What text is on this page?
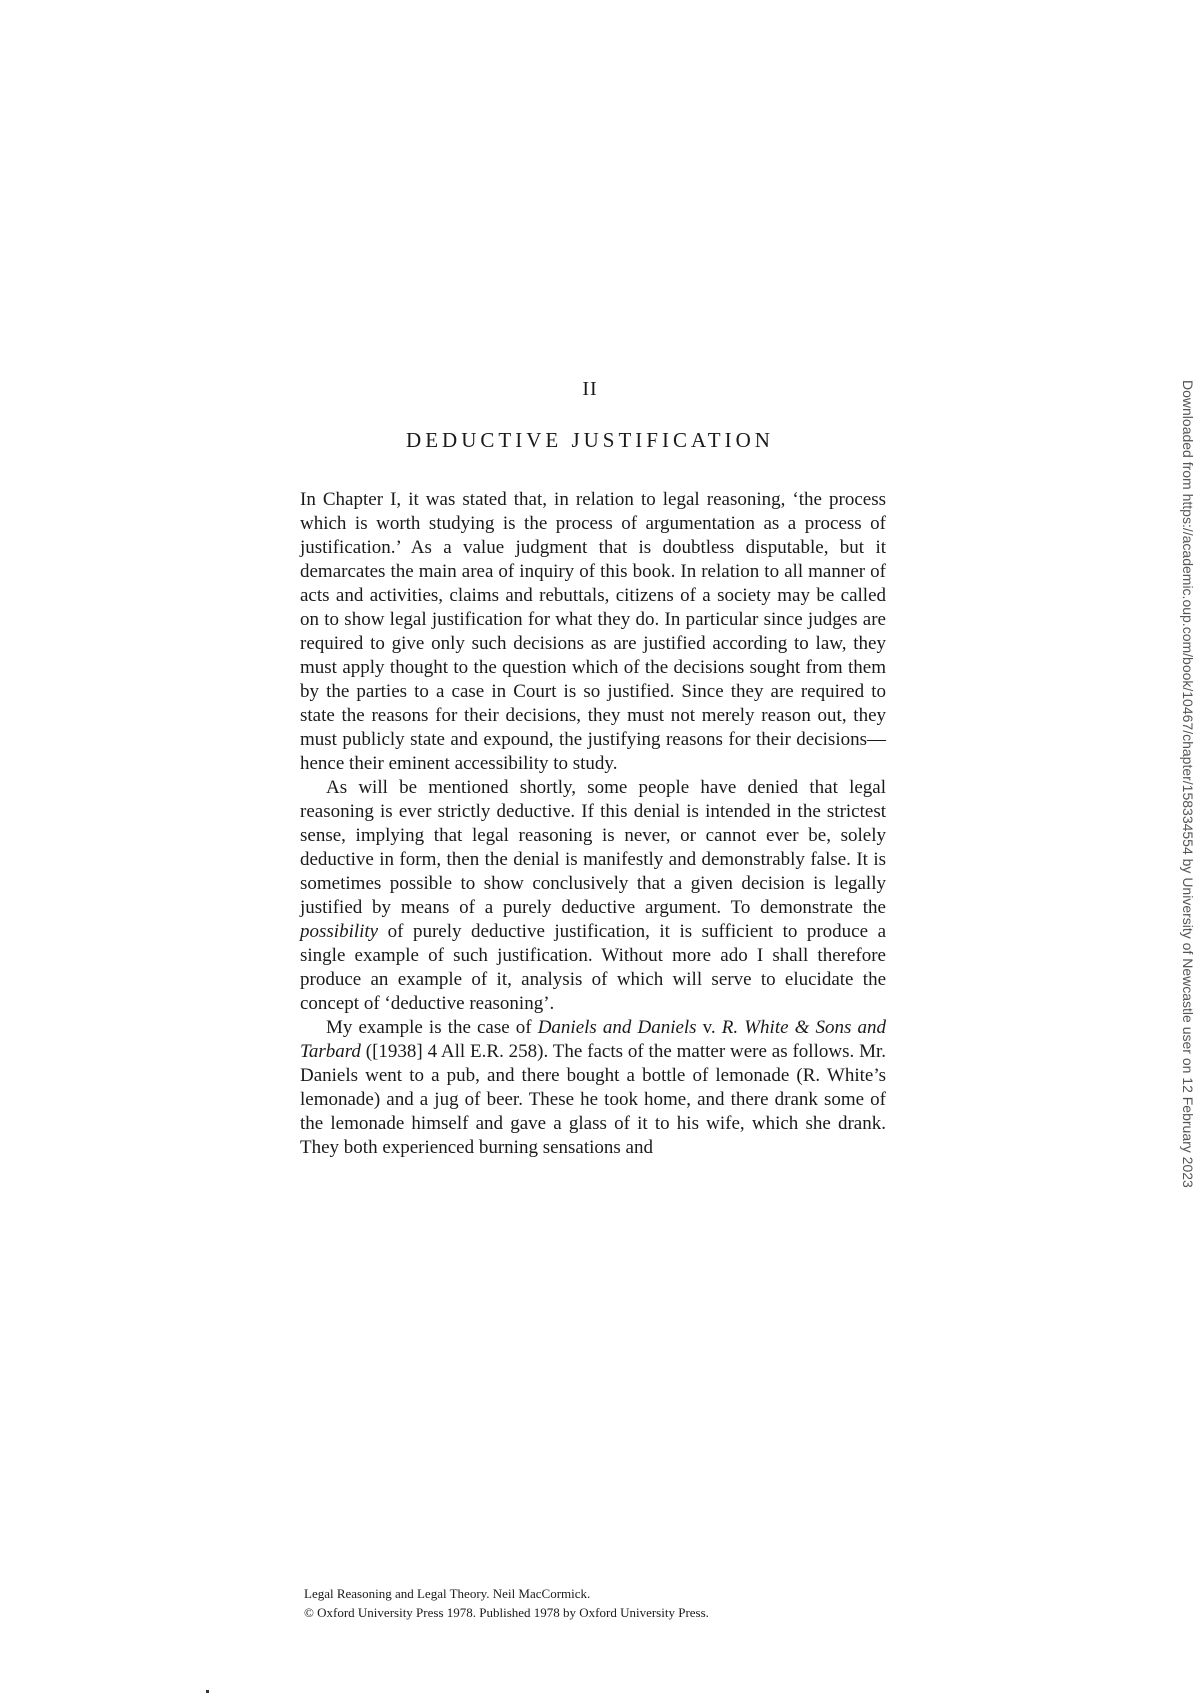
II
DEDUCTIVE JUSTIFICATION

In Chapter I, it was stated that, in relation to legal reasoning, ‘the process which is worth studying is the process of argumentation as a process of justification.’ As a value judgment that is doubtless disputable, but it demarcates the main area of inquiry of this book. In relation to all manner of acts and activities, claims and rebuttals, citizens of a society may be called on to show legal justification for what they do. In particular since judges are required to give only such decisions as are justified according to law, they must apply thought to the question which of the decisions sought from them by the parties to a case in Court is so justified. Since they are required to state the reasons for their decisions, they must not merely reason out, they must publicly state and expound, the justifying reasons for their decisions—hence their eminent accessibility to study.

As will be mentioned shortly, some people have denied that legal reasoning is ever strictly deductive. If this denial is intended in the strictest sense, implying that legal reasoning is never, or cannot ever be, solely deductive in form, then the denial is manifestly and demonstrably false. It is sometimes possible to show conclusively that a given decision is legally justified by means of a purely deductive argument. To demonstrate the possibility of purely deductive justification, it is sufficient to produce a single example of such justification. Without more ado I shall therefore produce an example of it, analysis of which will serve to elucidate the concept of ‘deductive reasoning’.

My example is the case of Daniels and Daniels v. R. White & Sons and Tarbard ([1938] 4 All E.R. 258). The facts of the matter were as follows. Mr. Daniels went to a pub, and there bought a bottle of lemonade (R. White’s lemonade) and a jug of beer. These he took home, and there drank some of the lemonade himself and gave a glass of it to his wife, which she drank. They both experienced burning sensations and

Legal Reasoning and Legal Theory. Neil MacCormick.
© Oxford University Press 1978. Published 1978 by Oxford University Press.
Downloaded from https://academic.oup.com/book/10467/chapter/158334554 by University of Newcastle user on 12 February 2023
